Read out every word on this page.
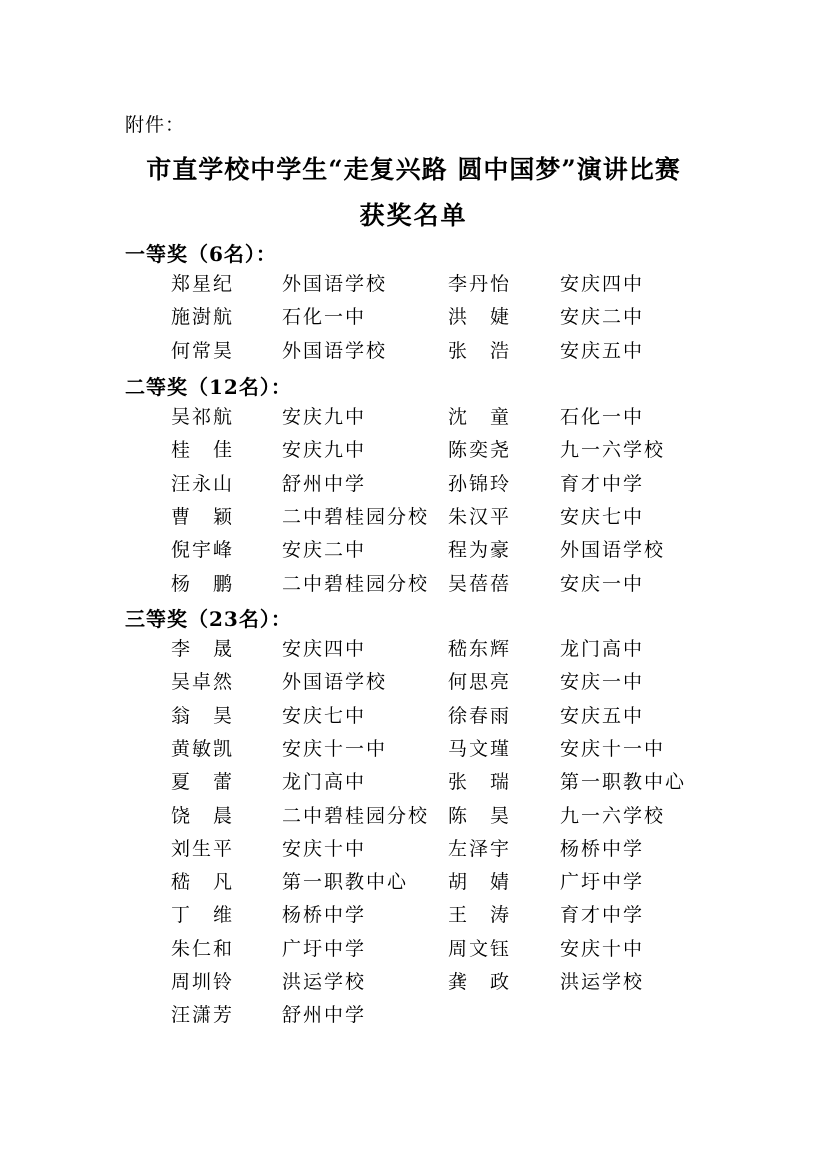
附件：
市直学校中学生“走复兴路 圆中国梦”演讲比赛
获奖名单
一等奖（6名）：
郑星纪	外国语学校	李丹怡	安庆四中
施澍航	石化一中	洪　婕	安庆二中
何常昊	外国语学校	张　浩	安庆五中
二等奖（12名）：
吴祁航	安庆九中	沈　童	石化一中
桂　佳	安庆九中	陈奕尧	九一六学校
汪永山	舒州中学	孙锦玲	育才中学
曹　颖	二中碧桂园分校 朱汉平	安庆七中
倪宇峰	安庆二中	程为豪	外国语学校
杨　鹏	二中碧桂园分校 吴蓓蓓	安庆一中
三等奖（23名）：
李　晟	安庆四中	嵇东辉	龙门高中
吴卓然	外国语学校	何思亮	安庆一中
翁　昊	安庆七中	徐春雨	安庆五中
黄敏凯	安庆十一中	马文瑾	安庆十一中
夏　蕾	龙门高中	张　瑞	第一职教中心
饶　晨	二中碧桂园分校 陈　昊	九一六学校
刘生平	安庆十中	左泽宇	杨桥中学
嵇　凡	第一职教中心 胡　婧	广圩中学
丁　维	杨桥中学	王　涛	育才中学
朱仁和	广圩中学	周文钰	安庆十中
周圳铃	洪运学校	龚　政	洪运学校
汪潇芳	舒州中学
